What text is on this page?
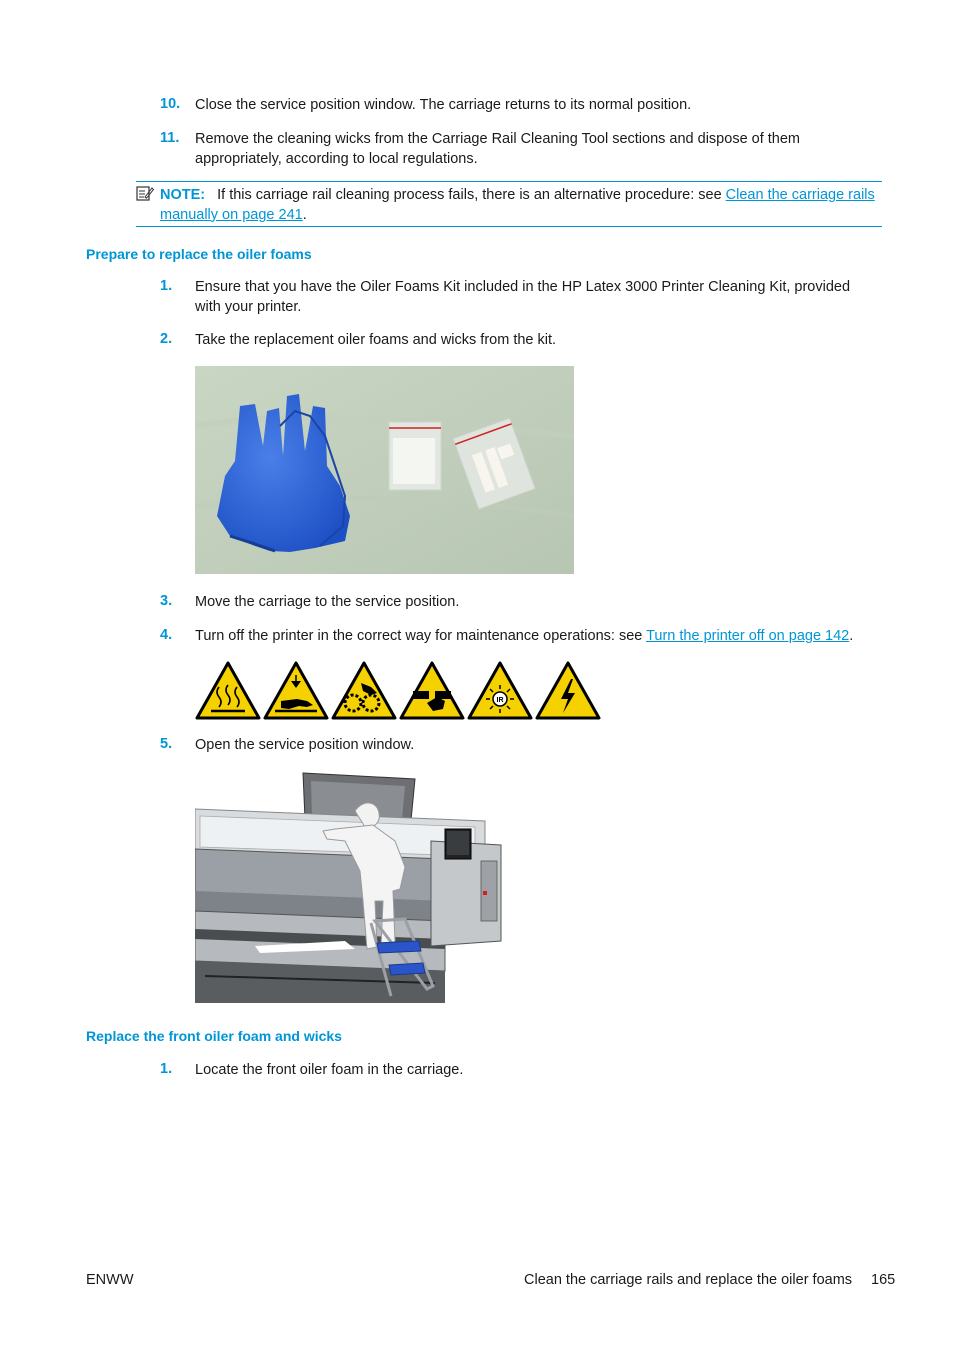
10. Close the service position window. The carriage returns to its normal position.
11. Remove the cleaning wicks from the Carriage Rail Cleaning Tool sections and dispose of them appropriately, according to local regulations.
NOTE: If this carriage rail cleaning process fails, there is an alternative procedure: see Clean the carriage rails manually on page 241.
Prepare to replace the oiler foams
1. Ensure that you have the Oiler Foams Kit included in the HP Latex 3000 Printer Cleaning Kit, provided with your printer.
2. Take the replacement oiler foams and wicks from the kit.
3. Move the carriage to the service position.
4. Turn off the printer in the correct way for maintenance operations: see Turn the printer off on page 142.
IR
5. Open the service position window.
Replace the front oiler foam and wicks
1. Locate the front oiler foam in the carriage.
ENWW	Clean the carriage rails and replace the oiler foams 165
